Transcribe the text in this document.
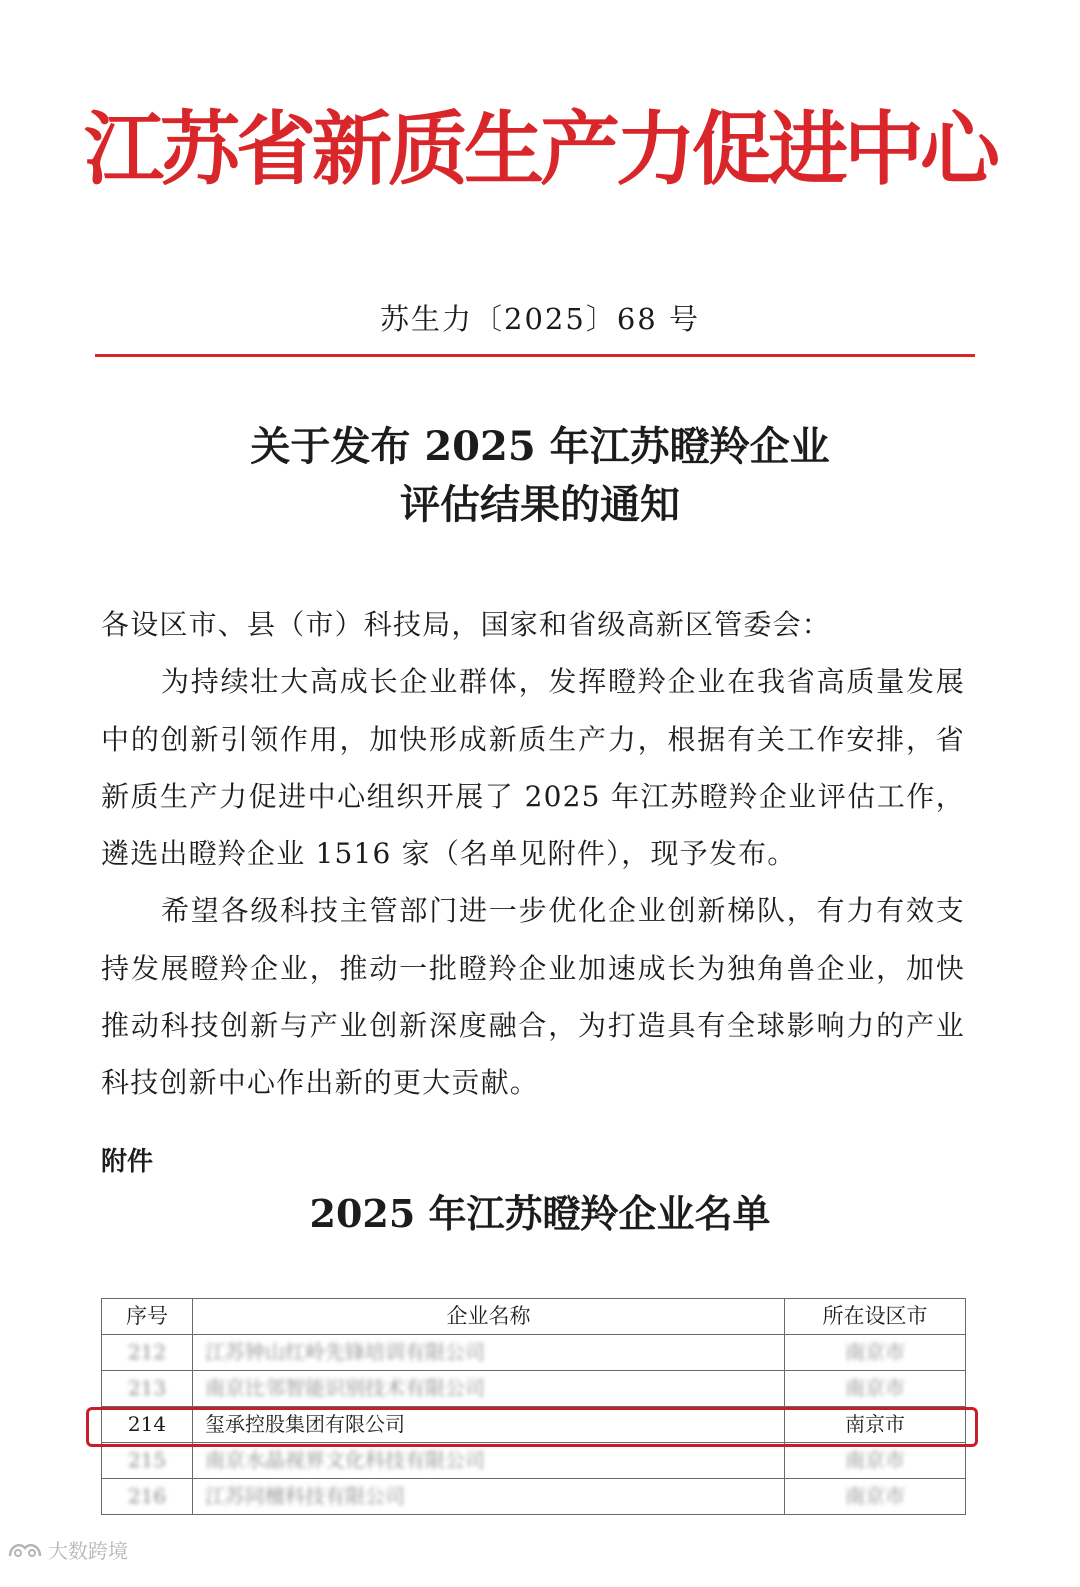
江苏省新质生产力促进中心
苏生力〔2025〕68 号
关于发布 2025 年江苏瞪羚企业
评估结果的通知

各设区市、县（市）科技局，国家和省级高新区管委会：

为持续壮大高成长企业群体，发挥瞪羚企业在我省高质量发展中的创新引领作用，加快形成新质生产力，根据有关工作安排，省新质生产力促进中心组织开展了 2025 年江苏瞪羚企业评估工作，遴选出瞪羚企业 1516 家（名单见附件），现予发布。

希望各级科技主管部门进一步优化企业创新梯队，有力有效支持发展瞪羚企业，推动一批瞪羚企业加速成长为独角兽企业，加快推动科技创新与产业创新深度融合，为打造具有全球影响力的产业科技创新中心作出新的更大贡献。

附件
2025 年江苏瞪羚企业名单
序号	企业名称	所在设区市
212	江苏钟山红岭先锋培训有限公司	南京市
213	南京比邻智能识别技术有限公司	南京市
214	玺承控股集团有限公司	南京市
215	南京水晶视界文化科技有限公司	南京市
216	江苏同檀科技有限公司	南京市
大数跨境
